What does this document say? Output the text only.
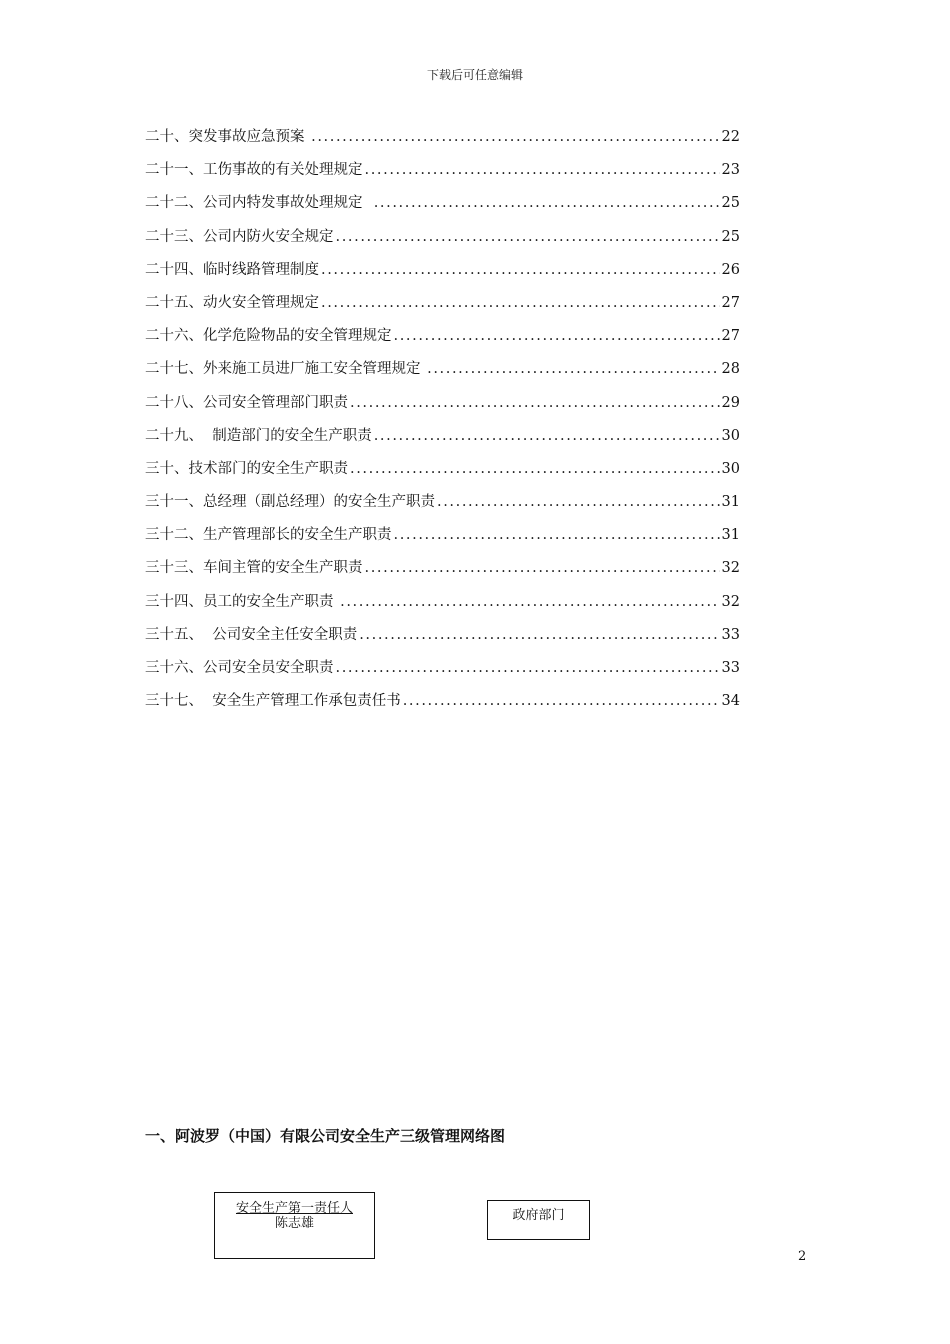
下载后可任意编辑
二十、突发事故应急预案 .....	22
二十一、工伤事故的有关处理规定 .....	23
二十二、公司内特发事故处理规定 .....	25
二十三、公司内防火安全规定 .....	25
二十四、临时线路管理制度 .....	26
二十五、动火安全管理规定 .....	27
二十六、化学危险物品的安全管理规定 .....	27
二十七、外来施工员进厂施工安全管理规定 .....	28
二十八、公司安全管理部门职责 .....	29
二十九、  制造部门的安全生产职责 .....	30
三十、技术部门的安全生产职责 .....	30
三十一、总经理（副总经理）的安全生产职责 .....	31
三十二、生产管理部长的安全生产职责 .....	31
三十三、车间主管的安全生产职责 .....	32
三十四、员工的安全生产职责 .....	32
三十五、  公司安全主任安全职责 .....	33
三十六、公司安全员安全职责 .....	33
三十七、  安全生产管理工作承包责任书 .....	34
一、阿波罗（中国）有限公司安全生产三级管理网络图
安全生产第一责任人
陈志雄
政府部门
2
